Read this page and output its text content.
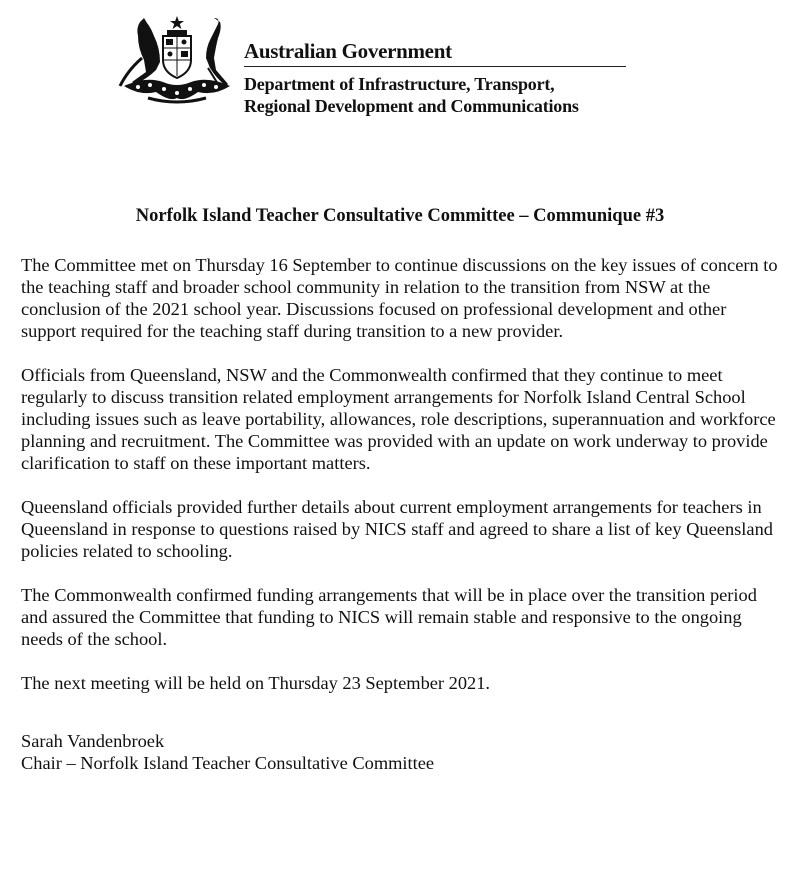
Australian Government
Department of Infrastructure, Transport,
Regional Development and Communications
Norfolk Island Teacher Consultative Committee – Communique #3

The Committee met on Thursday 16 September to continue discussions on the key issues of concern to the teaching staff and broader school community in relation to the transition from NSW at the conclusion of the 2021 school year. Discussions focused on professional development and other support required for the teaching staff during transition to a new provider.

Officials from Queensland, NSW and the Commonwealth confirmed that they continue to meet regularly to discuss transition related employment arrangements for Norfolk Island Central School including issues such as leave portability, allowances, role descriptions, superannuation and workforce planning and recruitment. The Committee was provided with an update on work underway to provide clarification to staff on these important matters.

Queensland officials provided further details about current employment arrangements for teachers in Queensland in response to questions raised by NICS staff and agreed to share a list of key Queensland policies related to schooling.

The Commonwealth confirmed funding arrangements that will be in place over the transition period and assured the Committee that funding to NICS will remain stable and responsive to the ongoing needs of the school.

The next meeting will be held on Thursday 23 September 2021.

Sarah Vandenbroek
Chair – Norfolk Island Teacher Consultative Committee
